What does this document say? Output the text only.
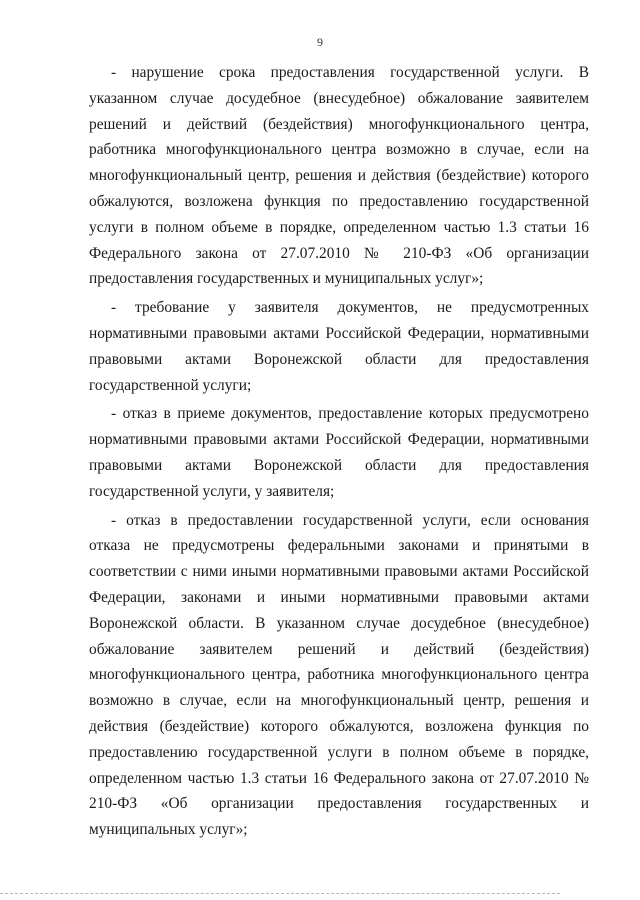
9

- нарушение срока предоставления государственной услуги. В указанном случае досудебное (внесудебное) обжалование заявителем решений и действий (бездействия) многофункционального центра, работника многофункционального центра возможно в случае, если на многофункциональный центр, решения и действия (бездействие) которого обжалуются, возложена функция по предоставлению государственной услуги в полном объеме в порядке, определенном частью 1.3 статьи 16 Федерального закона от 27.07.2010 № 210-ФЗ «Об организации предоставления государственных и муниципальных услуг»;

- требование у заявителя документов, не предусмотренных нормативными правовыми актами Российской Федерации, нормативными правовыми актами Воронежской области для предоставления государственной услуги;

- отказ в приеме документов, предоставление которых предусмотрено нормативными правовыми актами Российской Федерации, нормативными правовыми актами Воронежской области для предоставления государственной услуги, у заявителя;

- отказ в предоставлении государственной услуги, если основания отказа не предусмотрены федеральными законами и принятыми в соответствии с ними иными нормативными правовыми актами Российской Федерации, законами и иными нормативными правовыми актами Воронежской области. В указанном случае досудебное (внесудебное) обжалование заявителем решений и действий (бездействия) многофункционального центра, работника многофункционального центра возможно в случае, если на многофункциональный центр, решения и действия (бездействие) которого обжалуются, возложена функция по предоставлению государственной услуги в полном объеме в порядке, определенном частью 1.3 статьи 16 Федерального закона от 27.07.2010 № 210-ФЗ «Об организации предоставления государственных и муниципальных услуг»;
